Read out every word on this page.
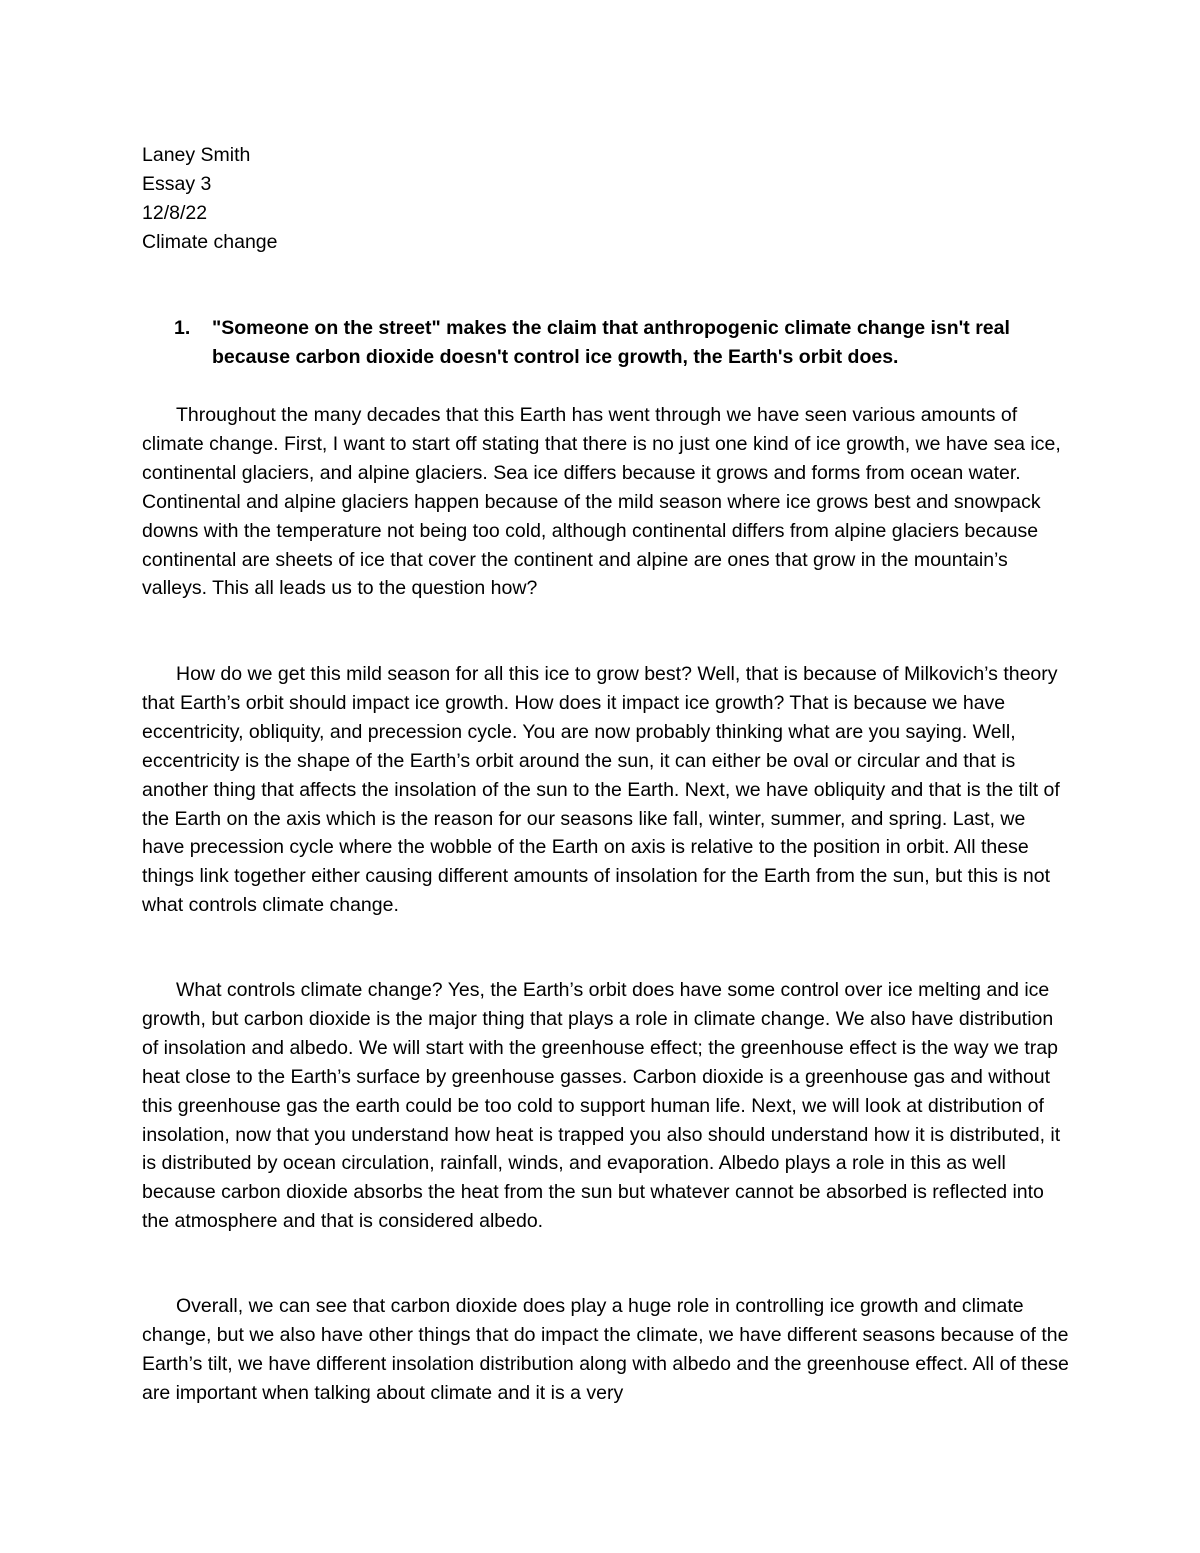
Laney Smith
Essay 3
12/8/22
Climate change
1. "Someone on the street" makes the claim that anthropogenic climate change isn't real because carbon dioxide doesn't control ice growth, the Earth's orbit does.

Throughout the many decades that this Earth has went through we have seen various amounts of climate change. First, I want to start off stating that there is no just one kind of ice growth, we have sea ice, continental glaciers, and alpine glaciers. Sea ice differs because it grows and forms from ocean water. Continental and alpine glaciers happen because of the mild season where ice grows best and snowpack downs with the temperature not being too cold, although continental differs from alpine glaciers because continental are sheets of ice that cover the continent and alpine are ones that grow in the mountain’s valleys. This all leads us to the question how?

How do we get this mild season for all this ice to grow best? Well, that is because of Milkovich’s theory that Earth’s orbit should impact ice growth. How does it impact ice growth? That is because we have eccentricity, obliquity, and precession cycle. You are now probably thinking what are you saying. Well, eccentricity is the shape of the Earth’s orbit around the sun, it can either be oval or circular and that is another thing that affects the insolation of the sun to the Earth. Next, we have obliquity and that is the tilt of the Earth on the axis which is the reason for our seasons like fall, winter, summer, and spring. Last, we have precession cycle where the wobble of the Earth on axis is relative to the position in orbit. All these things link together either causing different amounts of insolation for the Earth from the sun, but this is not what controls climate change.

What controls climate change? Yes, the Earth’s orbit does have some control over ice melting and ice growth, but carbon dioxide is the major thing that plays a role in climate change. We also have distribution of insolation and albedo. We will start with the greenhouse effect; the greenhouse effect is the way we trap heat close to the Earth’s surface by greenhouse gasses. Carbon dioxide is a greenhouse gas and without this greenhouse gas the earth could be too cold to support human life. Next, we will look at distribution of insolation, now that you understand how heat is trapped you also should understand how it is distributed, it is distributed by ocean circulation, rainfall, winds, and evaporation. Albedo plays a role in this as well because carbon dioxide absorbs the heat from the sun but whatever cannot be absorbed is reflected into the atmosphere and that is considered albedo.

Overall, we can see that carbon dioxide does play a huge role in controlling ice growth and climate change, but we also have other things that do impact the climate, we have different seasons because of the Earth’s tilt, we have different insolation distribution along with albedo and the greenhouse effect. All of these are important when talking about climate and it is a very
